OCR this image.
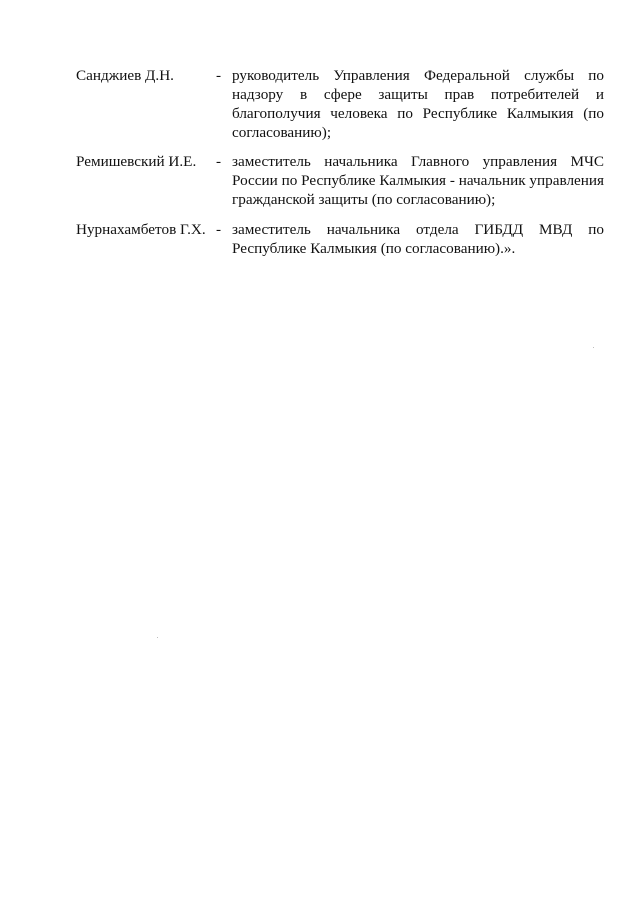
Санджиев Д.Н.	- руководитель Управления Федеральной службы по
надзору в сфере защиты прав потребителей и
благополучия человека по Республике Калмыкия (по
согласованию);
Ремишевский И.Е. - заместитель начальника Главного управления МЧС
России по Республике Калмыкия - начальник управления
гражданской защиты (по согласованию);
Нурнахамбетов Г.Х. - заместитель начальника отдела ГИБДД МВД по
Республике Калмыкия (по согласованию).».
